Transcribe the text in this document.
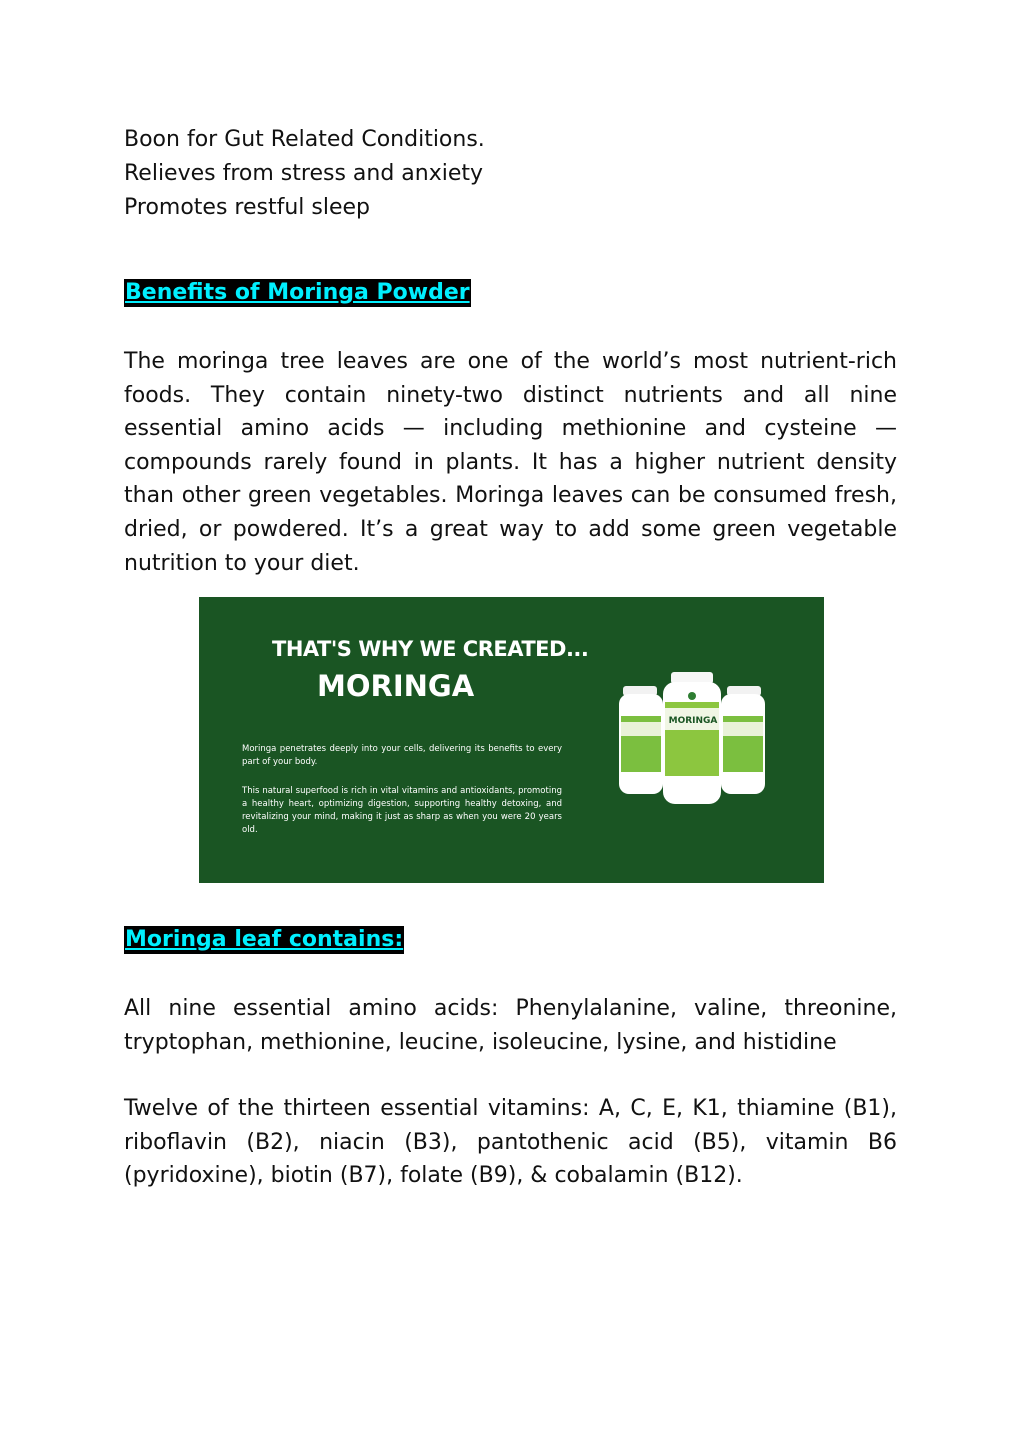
Boon for Gut Related Conditions.

Relieves from stress and anxiety

Promotes restful sleep

Benefits of Moringa Powder

The moringa tree leaves are one of the world’s most nutrient-rich foods. They contain ninety-two distinct nutrients and all nine essential amino acids — including methionine and cysteine — compounds rarely found in plants. It has a higher nutrient density than other green vegetables. Moringa leaves can be consumed fresh, dried, or powdered. It’s a great way to add some green vegetable nutrition to your diet.

THAT'S WHY WE CREATED...
MORINGA

Moringa penetrates deeply into your cells, delivering its benefits to every part of your body.

This natural superfood is rich in vital vitamins and antioxidants, promoting a healthy heart, optimizing digestion, supporting healthy detoxing, and revitalizing your mind, making it just as sharp as when you were 20 years old.

MORINGA
Moringa leaf contains:

All nine essential amino acids: Phenylalanine, valine, threonine, tryptophan, methionine, leucine, isoleucine, lysine, and histidine

Twelve of the thirteen essential vitamins: A, C, E, K1, thiamine (B1), riboflavin (B2), niacin (B3), pantothenic acid (B5), vitamin B6 (pyridoxine), biotin (B7), folate (B9), & cobalamin (B12).
